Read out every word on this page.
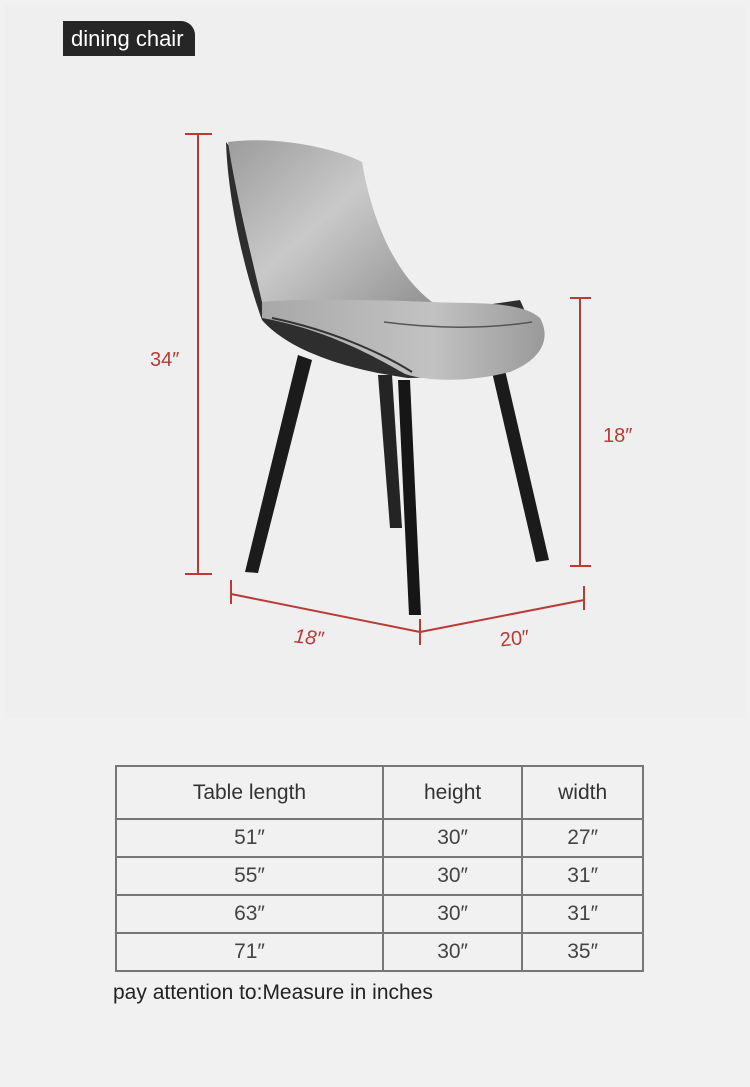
dining chair
34″
18″
18″	20″
Table length	height	width
51″	30″	27″
55″	30″	31″
63″	30″	31″
71″	30″	35″
pay attention to:Measure in inches
